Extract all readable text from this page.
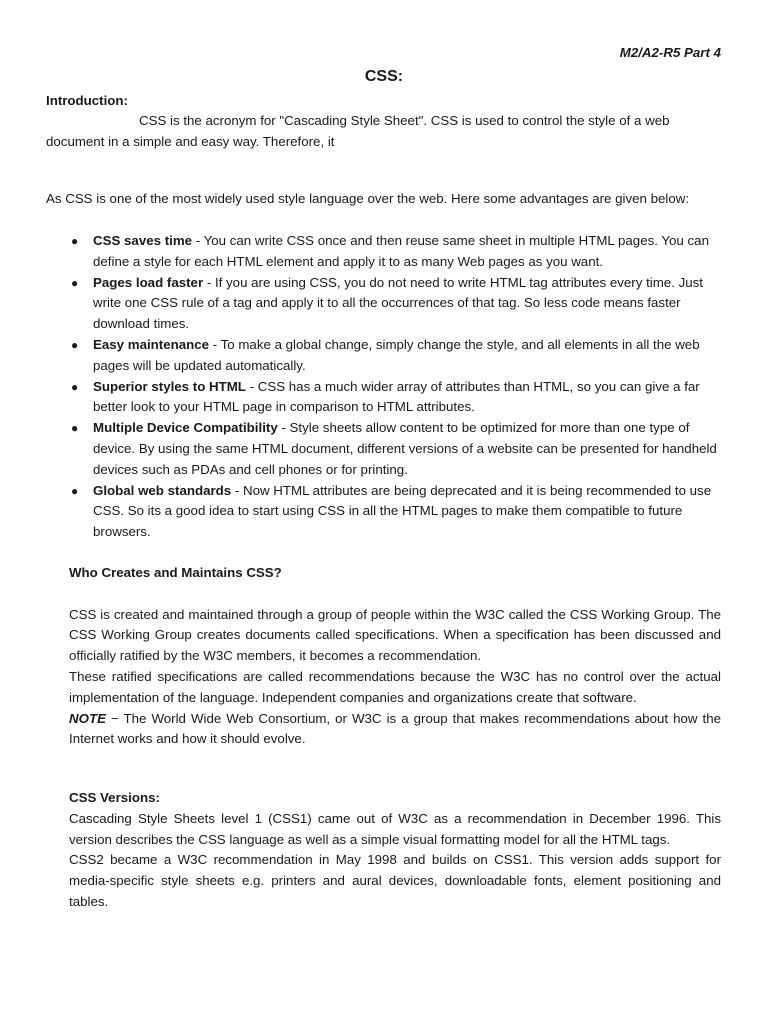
M2/A2-R5 Part 4
CSS:
Introduction:

CSS is the acronym for "Cascading Style Sheet". CSS is used to control the style of a web document in a simple and easy way. Therefore, it

As CSS is one of the most widely used style language over the web. Here some advantages are given below:

● CSS saves time - You can write CSS once and then reuse same sheet in multiple HTML pages. You can define a style for each HTML element and apply it to as many Web pages as you want.
● Pages load faster - If you are using CSS, you do not need to write HTML tag attributes every time. Just write one CSS rule of a tag and apply it to all the occurrences of that tag. So less code means faster download times.
● Easy maintenance - To make a global change, simply change the style, and all elements in all the web pages will be updated automatically.
● Superior styles to HTML - CSS has a much wider array of attributes than HTML, so you can give a far better look to your HTML page in comparison to HTML attributes.
● Multiple Device Compatibility - Style sheets allow content to be optimized for more than one type of device. By using the same HTML document, different versions of a website can be presented for handheld devices such as PDAs and cell phones or for printing.
● Global web standards - Now HTML attributes are being deprecated and it is being recommended to use CSS. So its a good idea to start using CSS in all the HTML pages to make them compatible to future browsers.

Who Creates and Maintains CSS?

CSS is created and maintained through a group of people within the W3C called the CSS Working Group. The CSS Working Group creates documents called specifications. When a specification has been discussed and officially ratified by the W3C members, it becomes a recommendation.

These ratified specifications are called recommendations because the W3C has no control over the actual implementation of the language. Independent companies and organizations create that software.

NOTE − The World Wide Web Consortium, or W3C is a group that makes recommendations about how the Internet works and how it should evolve.

CSS Versions:

Cascading Style Sheets level 1 (CSS1) came out of W3C as a recommendation in December 1996. This version describes the CSS language as well as a simple visual formatting model for all the HTML tags.

CSS2 became a W3C recommendation in May 1998 and builds on CSS1. This version adds support for media-specific style sheets e.g. printers and aural devices, downloadable fonts, element positioning and tables.
